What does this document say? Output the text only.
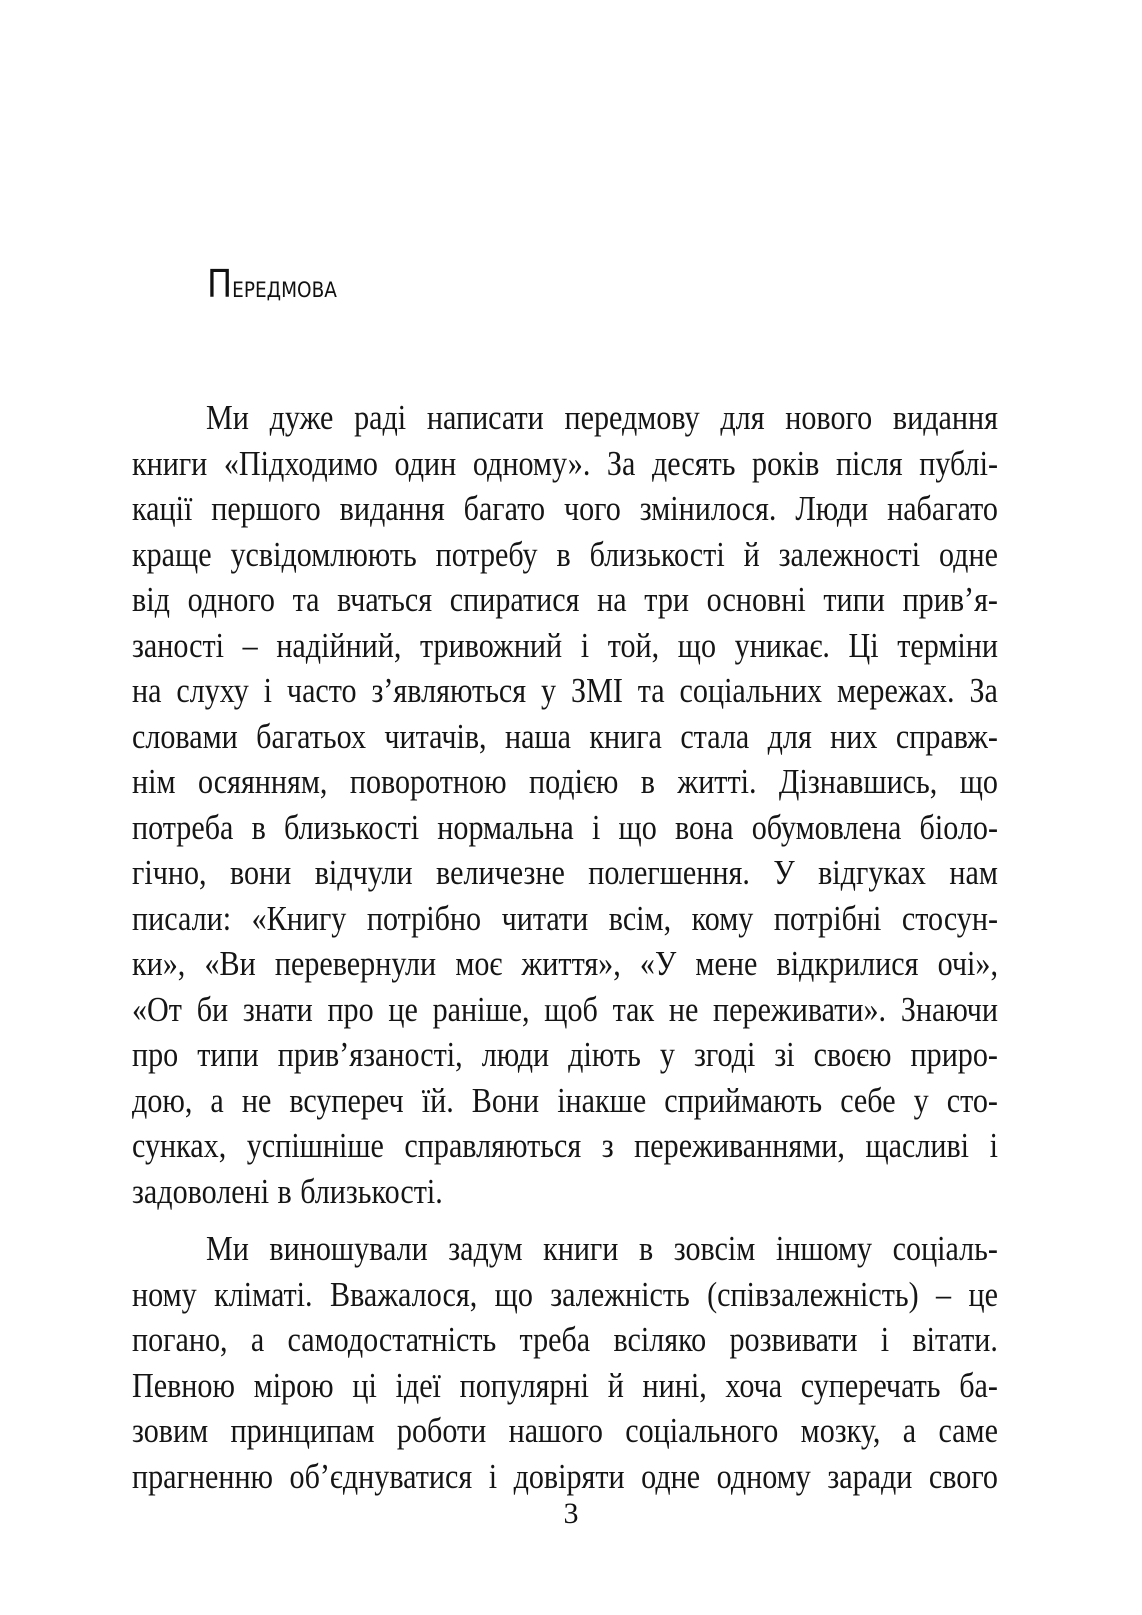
Передмова
Ми дуже раді написати передмову для нового видання
книги «Підходимо один одному». За десять років після публі-
кації першого видання багато чого змінилося. Люди набагато
краще усвідомлюють потребу в близькості й залежності одне
від одного та вчаться спиратися на три основні типи прив’я-
заності – надійний, тривожний і той, що уникає. Ці терміни
на слуху і часто з’являються у ЗМІ та соціальних мережах. За
словами багатьох читачів, наша книга стала для них справж-
нім осяянням, поворотною подією в житті. Дізнавшись, що
потреба в близькості нормальна і що вона обумовлена біоло-
гічно, вони відчули величезне полегшення. У відгуках нам
писали: «Книгу потрібно читати всім, кому потрібні стосун-
ки», «Ви перевернули моє життя», «У мене відкрилися очі»,
«От би знати про це раніше, щоб так не переживати». Знаючи
про типи прив’язаності, люди діють у згоді зі своєю приро-
дою, а не всупереч їй. Вони інакше сприймають себе у сто-
сунках, успішніше справляються з переживаннями, щасливі і
задоволені в близькості.
Ми виношували задум книги в зовсім іншому соціаль-
ному кліматі. Вважалося, що залежність (співзалежність) – це
погано, а самодостатність треба всіляко розвивати і вітати.
Певною мірою ці ідеї популярні й нині, хоча суперечать ба-
зовим принципам роботи нашого соціального мозку, а саме
прагненню об’єднуватися і довіряти одне одному заради свого
3
